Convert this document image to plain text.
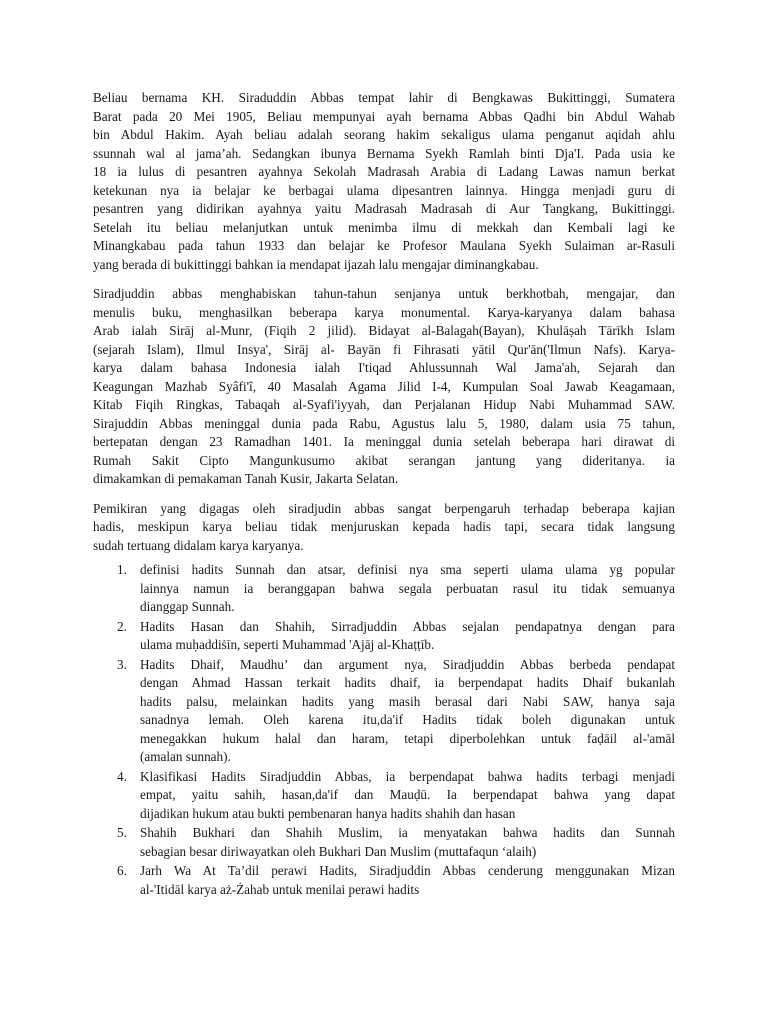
Beliau bernama KH. Siraduddin Abbas tempat lahir di Bengkawas Bukittinggi, Sumatera
Barat pada 20 Mei 1905, Beliau mempunyai ayah bernama Abbas Qadhi bin Abdul Wahab
bin Abdul Hakim. Ayah beliau adalah seorang hakim sekaligus ulama penganut aqidah ahlu
ssunnah wal al jama’ah. Sedangkan ibunya Bernama Syekh Ramlah binti Dja'I. Pada usia ke
18 ia lulus di pesantren ayahnya Sekolah Madrasah Arabia di Ladang Lawas namun berkat
ketekunan nya ia belajar ke berbagai ulama dipesantren lainnya. Hingga menjadi guru di
pesantren yang didirikan ayahnya yaitu Madrasah Madrasah di Aur Tangkang, Bukittinggi.
Setelah itu beliau melanjutkan untuk menimba ilmu di mekkah dan Kembali lagi ke
Minangkabau pada tahun 1933 dan belajar ke Profesor Maulana Syekh Sulaiman ar-Rasuli
yang berada di bukittinggi bahkan ia mendapat ijazah lalu mengajar diminangkabau.
Siradjuddin abbas menghabiskan tahun-tahun senjanya untuk berkhotbah, mengajar, dan
menulis buku, menghasilkan beberapa karya monumental. Karya-karyanya dalam bahasa
Arab ialah Sirāj al-Munr, (Fiqih 2 jilid). Bidayat al-Balagah(Bayan), Khulāṣah Tārīkh Islam
(sejarah Islam), Ilmul Insya', Sirāj al- Bayān fi Fihrasati yātil Qur'ān('Ilmun Nafs). Karya-
karya dalam bahasa Indonesia ialah I'tiqad Ahlussunnah Wal Jama'ah, Sejarah dan
Keagungan Mazhab Syâfi'î, 40 Masalah Agama Jilid I-4, Kumpulan Soal Jawab Keagamaan,
Kitab Fiqih Ringkas, Tabaqah al-Syafi'iyyah, dan Perjalanan Hidup Nabi Muhammad SAW.
Sirajuddin Abbas meninggal dunia pada Rabu, Agustus lalu 5, 1980, dalam usia 75 tahun,
bertepatan dengan 23 Ramadhan 1401. Ia meninggal dunia setelah beberapa hari dirawat di
Rumah Sakit Cipto Mangunkusumo akibat serangan jantung yang dideritanya. ia
dimakamkan di pemakaman Tanah Kusir, Jakarta Selatan.
Pemikiran yang digagas oleh siradjudin abbas sangat berpengaruh terhadap beberapa kajian
hadis, meskipun karya beliau tidak menjuruskan kepada hadis tapi, secara tidak langsung
sudah tertuang didalam karya karyanya.
1. definisi hadits Sunnah dan atsar, definisi nya sma seperti ulama ulama yg popular
lainnya namun ia beranggapan bahwa segala perbuatan rasul itu tidak semuanya
dianggap Sunnah.
2. Hadits Hasan dan Shahih, Sirradjuddin Abbas sejalan pendapatnya dengan para
ulama muḥaddiṡīn, seperti Muhammad 'Ajāj al-Khaṭṭīb.
3. Hadits Dhaif, Maudhu’ dan argument nya, Siradjuddin Abbas berbeda pendapat
dengan Ahmad Hassan terkait hadits dhaif, ia berpendapat hadits Dhaif bukanlah
hadits palsu, melainkan hadits yang masih berasal dari Nabi SAW, hanya saja
sanadnya lemah. Oleh karena itu,da'if Hadits tidak boleh digunakan untuk
menegakkan hukum halal dan haram, tetapi diperbolehkan untuk faḍāil al-'amāl
(amalan sunnah).
4. Klasifikasi Hadits Siradjuddin Abbas, ia berpendapat bahwa hadits terbagi menjadi
empat, yaitu sahih, hasan,da'if dan Mauḍū. Ia berpendapat bahwa yang dapat
dijadikan hukum atau bukti pembenaran hanya hadits shahih dan hasan
5. Shahih Bukhari dan Shahih Muslim, ia menyatakan bahwa hadits dan Sunnah
sebagian besar diriwayatkan oleh Bukhari Dan Muslim (muttafaqun ‘alaih)
6. Jarh Wa At Ta’dil perawi Hadits, Siradjuddin Abbas cenderung menggunakan Mizan
al-'Itidāl karya aż-Żahab untuk menilai perawi hadits
